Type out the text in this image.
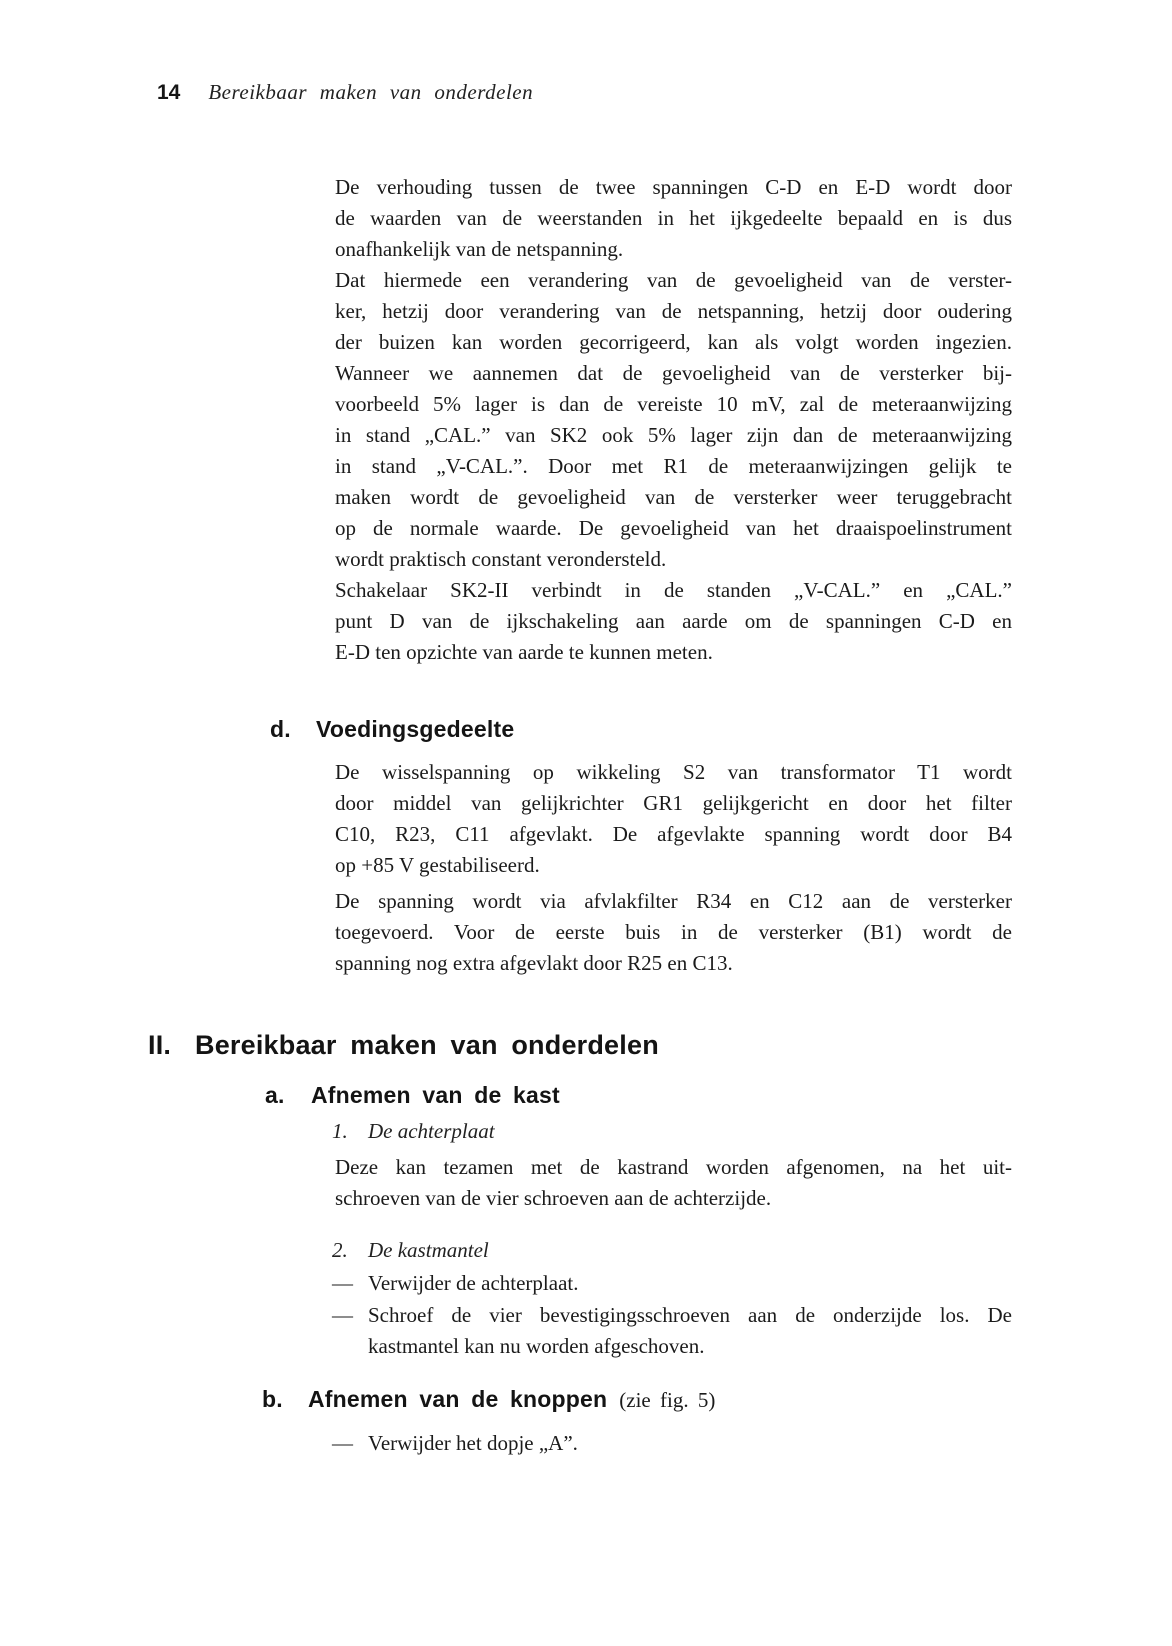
14 Bereikbaar maken van onderdelen
De verhouding tussen de twee spanningen C-D en E-D wordt door
de waarden van de weerstanden in het ijkgedeelte bepaald en is dus
onafhankelijk van de netspanning.
Dat hiermede een verandering van de gevoeligheid van de verster-
ker, hetzij door verandering van de netspanning, hetzij door oudering
der buizen kan worden gecorrigeerd, kan als volgt worden ingezien.
Wanneer we aannemen dat de gevoeligheid van de versterker bij-
voorbeeld 5% lager is dan de vereiste 10 mV, zal de meteraanwijzing
in stand „CAL.” van SK2 ook 5% lager zijn dan de meteraanwijzing
in stand „V-CAL.”. Door met R1 de meteraanwijzingen gelijk te
maken wordt de gevoeligheid van de versterker weer teruggebracht
op de normale waarde. De gevoeligheid van het draaispoelinstrument
wordt praktisch constant verondersteld.
Schakelaar SK2-II verbindt in de standen „V-CAL.” en „CAL.”
punt D van de ijkschakeling aan aarde om de spanningen C-D en
E-D ten opzichte van aarde te kunnen meten.
d.	Voedingsgedeelte
De wisselspanning op wikkeling S2 van transformator T1 wordt
door middel van gelijkrichter GR1 gelijkgericht en door het filter
C10, R23, C11 afgevlakt. De afgevlakte spanning wordt door B4
op +85 V gestabiliseerd.
De spanning wordt via afvlakfilter R34 en C12 aan de versterker
toegevoerd. Voor de eerste buis in de versterker (B1) wordt de
spanning nog extra afgevlakt door R25 en C13.
II. Bereikbaar maken van onderdelen
a.	Afnemen van de kast
1. De achterplaat
Deze kan tezamen met de kastrand worden afgenomen, na het uit-
schroeven van de vier schroeven aan de achterzijde.
2. De kastmantel
— Verwijder de achterplaat.
— Schroef de vier bevestigingsschroeven aan de onderzijde los. De
kastmantel kan nu worden afgeschoven.
b.	Afnemen van de knoppen (zie fig. 5)
— Verwijder het dopje „A”.
